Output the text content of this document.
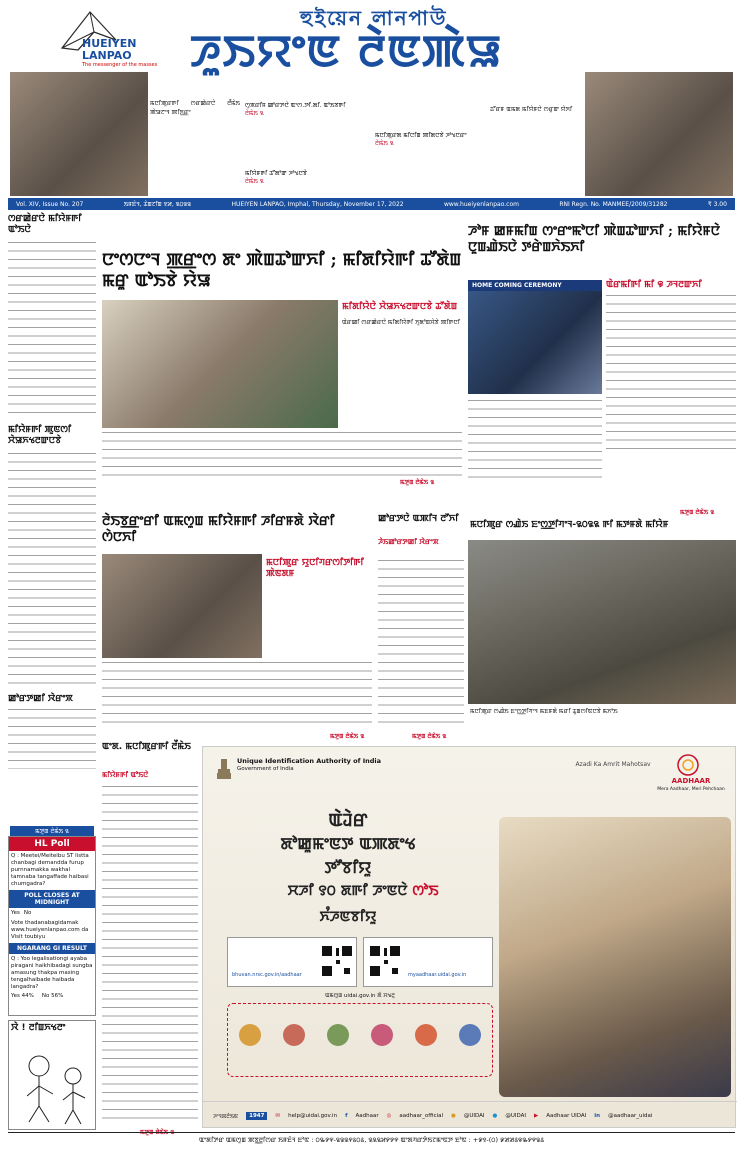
HUEIYEN
LANPAO
The messenger of the masses
হুইয়েন লানপাউ
ꯍꯨꯏꯌꯦꯟ ꯂꯥꯟꯄꯥꯎ
ꯃꯅꯤꯄꯨꯔꯒꯤ ꯁꯔꯀꯥꯔꯅꯥ ꯂꯩꯃꯥꯏ ꯄꯥꯎꯖꯦꯜ ꯄꯤꯈ꯭ꯔꯦ
ꯁꯨꯞꯔꯤꯝ ꯀꯣꯔꯇꯅꯥ ꯑꯦꯁ.ꯇꯤ.ꯗꯤ. ꯑꯣꯏꯕꯒꯤ
ꯂꯥꯃꯥꯏ ꯲
ꯃꯅꯤꯄꯨꯔꯗ ꯃꯤꯅꯤꯡ ꯄꯤꯗꯅꯕꯥ ꯍꯣꯠꯅꯔꯦ
ꯂꯥꯃꯥꯏ ꯲
ꯃꯤꯌꯥꯝꯒꯤ ꯊꯧꯗꯣꯛ ꯍꯣꯠꯅꯕꯥ
ꯂꯥꯃꯥꯏ ꯲
ꯊꯧꯔꯝ ꯑꯃꯗ ꯃꯤꯌꯥꯝꯅꯥ ꯁꯔꯨꯛ ꯌꯥꯈꯤ
Vol. XIV, Issue No. 207	ꯏꯝꯐꯥꯜ, ꯊꯥꯡꯖꯤꯡ ꯱꯷, ꯲꯰꯲꯲	HUEIYEN LANPAO, Imphal, Thursday, November 17, 2022	www.hueiyenlanpao.com	RNI Regn. No. MANMEE/2009/31282	₹ 3.00
ꯁꯔꯀꯥꯔꯅꯥ ꯃꯤꯌꯥꯝꯒꯤ ꯑꯣꯏꯅꯥ
ꯃꯤꯌꯥꯝꯒꯤ ꯄꯨꯟꯁꯤ ꯆꯥꯎꯈꯠꯂꯛꯅꯕꯥ
ꯀꯣꯔꯇꯀꯤ ꯋꯥꯔꯦꯞ
ꯃꯇꯨꯡ ꯂꯥꯃꯥꯏ ꯲
HL Poll
Q : Meetei/Meiteibu ST listta chanbagi demandda furup purnnamakka wakhal tamnaba tangaffade haibasi chumgadra?
POLL CLOSES AT MIDNIGHT
Yes No
Vote thadanabagidamak www.hueiyenlanpao.com da Visit toubiyu
NGARANG GI RESULT
Q : Yoo legalisationgi ayaba piragani haikhibadagi sungba amasung thakpa masing tengalhaibade haibada langadra?
Yes 44% No 56%
ꯋꯥ ! ꯂꯤꯡꯈꯠꯂꯦ
ꯅꯦꯁꯅꯦꯜ ꯄ꯭ꯔꯦꯁ ꯗꯦ ꯄꯥꯡꯊꯣꯛꯈꯤ ; ꯃꯤꯗꯤꯌꯥꯒꯤ ꯊꯧꯗꯥꯡ ꯃꯔꯨ ꯑꯣꯏꯕꯥ ꯌꯥꯎ
ꯃꯤꯗꯤꯌꯥꯅꯥ ꯆꯥꯎꯈꯠꯂꯛꯅꯕꯥ ꯊꯧꯗꯥꯡ
ꯑꯥꯔꯀꯤ ꯁꯔꯀꯥꯔꯅꯥ ꯃꯤꯗꯤꯌꯥꯒꯤ ꯈꯨꯗꯣꯡꯆꯥꯕꯥ ꯄꯤꯒꯅꯤ
ꯃꯇꯨꯡ ꯂꯥꯃꯥꯏ ꯲
ꯍꯣꯝ ꯀꯝꯃꯤꯡ ꯁꯦꯔꯦꯃꯣꯅꯤ ꯄꯥꯡꯊꯣꯛꯈꯤ ; ꯃꯤꯌꯥꯝꯅꯥ ꯅꯨꯡꯉꯥꯏꯅꯥ ꯇꯔꯥꯡꯈꯥꯏꯈꯤ
HOME COMING CEREMONY	ꯑꯥꯔꯃꯤꯒꯤ ꯃꯤ ꯶ ꯍꯜꯂꯛꯈꯤ
ꯃꯇꯨꯡ ꯂꯥꯃꯥꯏ ꯲
ꯂꯥꯏꯕ꯭ꯔꯦꯔꯤ ꯑꯃꯁꯨꯡ ꯃꯤꯌꯥꯝꯒꯤ ꯍꯤꯔꯝꯗꯥ ꯋꯥꯔꯤ ꯁꯥꯅꯈꯤ
ꯃꯅꯤꯄꯨꯔ ꯌꯨꯅꯤꯚꯔꯁꯤꯇꯤꯒꯤ ꯄꯥꯟꯗꯝ
ꯃꯇꯨꯡ ꯂꯥꯃꯥꯏ ꯲
ꯀꯣꯔꯇꯅꯥ ꯑꯄꯤꯜ ꯂꯧꯈꯤ
ꯍꯥꯏꯀꯣꯔꯇꯀꯤ ꯋꯥꯔꯦꯞ
ꯃꯇꯨꯡ ꯂꯥꯃꯥꯏ ꯲
ꯃꯅꯤꯄꯨꯔ ꯁꯉꯥꯏ ꯐꯦꯁ꯭ꯇꯤꯚꯦꯜ-꯲꯰꯲꯲ ꯒꯤ ꯃꯇꯝꯗꯥ ꯃꯤꯌꯥꯝ
ꯃꯅꯤꯄꯨꯔ ꯁꯉꯥꯏ ꯐꯦꯁ꯭ꯇꯤꯚꯦꯜ ꯃꯐꯝꯗꯥ ꯃꯔꯤ ꯊꯨꯡꯁꯤꯟꯅꯕꯥ ꯃꯈꯣꯏ
ꯑꯦꯗ. ꯃꯅꯤꯄꯨꯔꯒꯤ ꯂꯩꯃꯥꯏ
ꯃꯤꯌꯥꯝꯒꯤ ꯑꯣꯏꯅꯥ
Unique Identification Authority of India
Government of India
Azadi Ka Amrit Mahotsav
AADHAAR
Mera Aadhaar, Meri Pehchaan
ꯑꯥꯙꯥꯔ
ꯗꯣꯀꯨꯃꯦꯟꯇ ꯑꯄꯗꯦꯠ
ꯇꯧꯕꯤꯌꯨ
ꯆꯍꯤ ꯱꯰ ꯗꯒꯤ ꯍꯦꯟꯅꯥ ꯁꯣꯏ
ꯈꯪꯍꯟꯕꯤꯌꯨ
bhuvan.nrsc.gov.in/aadhaar	myaadhaar.uidai.gov.in
ꯑꯃꯁꯨꯡ uidai.gov.in ꯗꯥ ꯆꯠꯂꯨ
ꯍꯦꯜꯞꯂꯥꯏꯟ	1947	✉ help@uidai.gov.in f Aadhaar ◎ aadhaar_official ● @UIDAI ● @UIDAI ▶ Aadhaar UIDAI in @aadhaar_uidai
ꯑꯦꯗꯤꯇꯔ ꯑꯃꯁꯨꯡ ꯄꯕ꯭ꯂꯤꯁꯔ ꯏꯝꯐꯥꯜ ꯐꯣꯟ : ꯰꯳꯸꯵-꯲꯲꯲꯵꯴꯰꯴, ꯲꯲꯲꯷꯸꯸꯵ ꯑꯦꯗꯚꯔꯇꯥꯏꯖꯃꯦꯟꯇ ꯐꯣꯟ : +꯹꯱-(꯰) ꯹꯷꯷꯴꯶꯳꯸꯵꯲꯴
